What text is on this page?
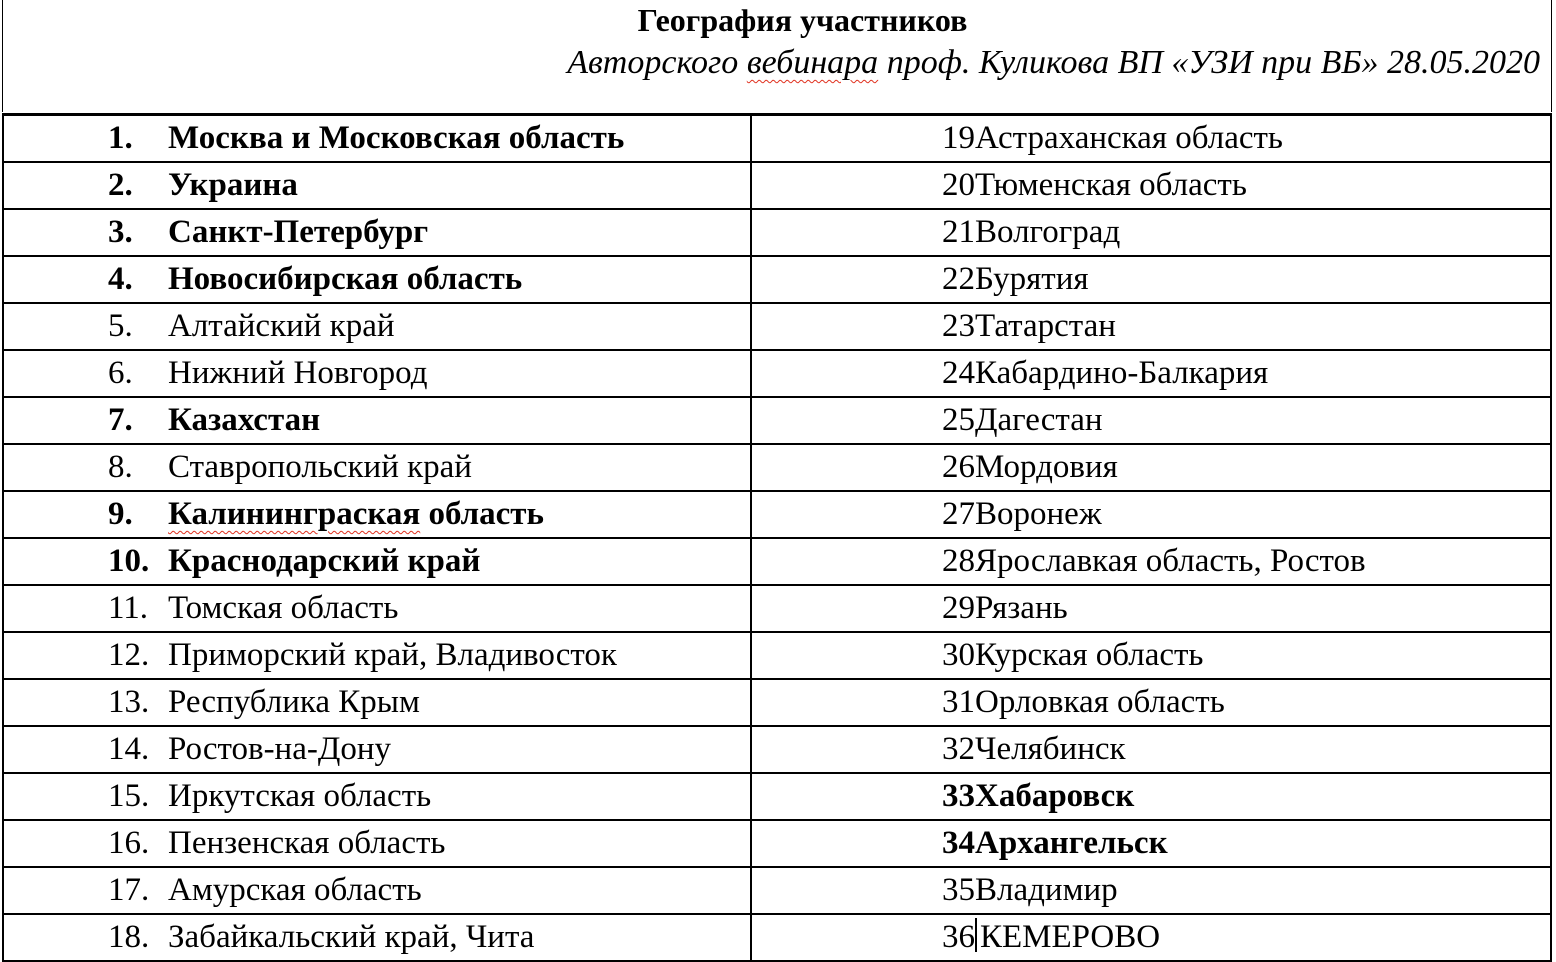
География участников
Авторского вебинара проф. Куликова ВП «УЗИ при ВБ» 28.05.2020
1. Москва и Московская область	19Астраханская область
2. Украина	20Тюменская область
3. Санкт-Петербург	21Волгоград
4. Новосибирская область	22Бурятия
5. Алтайский край	23Татарстан
6. Нижний Новгород	24Кабардино-Балкария
7. Казахстан	25Дагестан
8. Ставропольский край	26Мордовия
9. Калининграская область	27Воронеж
10. Краснодарский край	28Ярославкая область, Ростов
11. Томская область	29Рязань
12. Приморский край, Владивосток	30Курская область
13. Республика Крым	31Орловкая область
14. Ростов-на-Дону	32Челябинск
15. Иркутская область	33Хабаровск
16. Пензенская область	34Архангельск
17. Амурская область	35Владимир
18. Забайкальский край, Чита	36 КЕМЕРОВО
